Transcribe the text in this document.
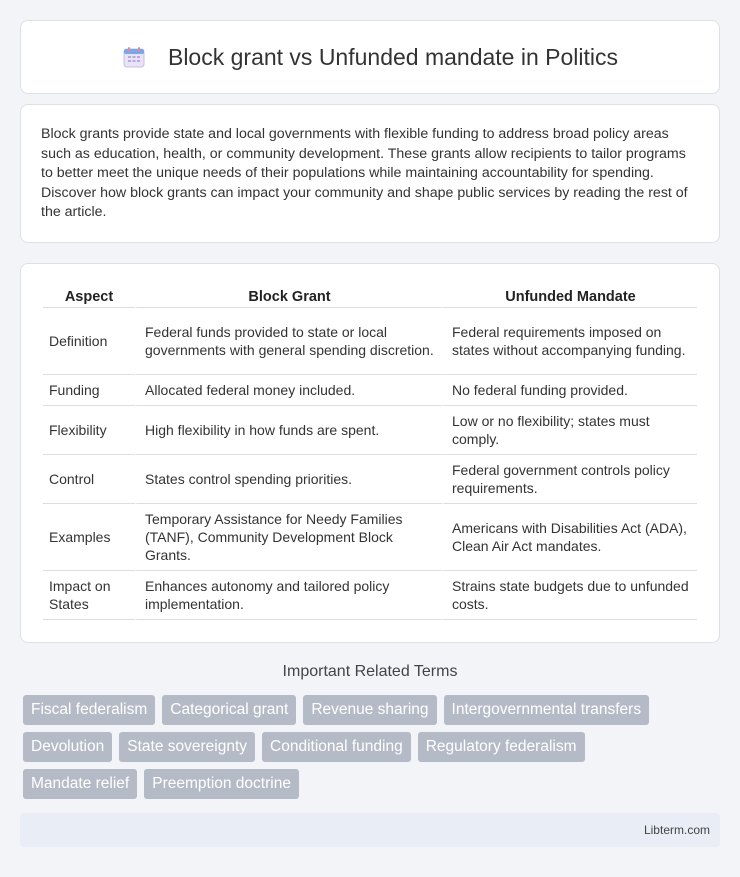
Block grant vs Unfunded mandate in Politics

Block grants provide state and local governments with flexible funding to address broad policy areas such as education, health, or community development. These grants allow recipients to tailor programs to better meet the unique needs of their populations while maintaining accountability for spending. Discover how block grants can impact your community and shape public services by reading the rest of the article.

Aspect	Block Grant	Unfunded Mandate
Definition	Federal funds provided to state or local governments with general spending discretion.	Federal requirements imposed on states without accompanying funding.
Funding	Allocated federal money included.	No federal funding provided.
Flexibility	High flexibility in how funds are spent.	Low or no flexibility; states must comply.
Control	States control spending priorities.	Federal government controls policy requirements.
Examples	Temporary Assistance for Needy Families (TANF), Community Development Block Grants.	Americans with Disabilities Act (ADA), Clean Air Act mandates.
Impact on States	Enhances autonomy and tailored policy implementation.	Strains state budgets due to unfunded costs.
Important Related Terms
Fiscal federalism	Categorical grant	Revenue sharing	Intergovernmental transfers
Devolution	State sovereignty	Conditional funding	Regulatory federalism
Mandate relief	Preemption doctrine
Libterm.com
